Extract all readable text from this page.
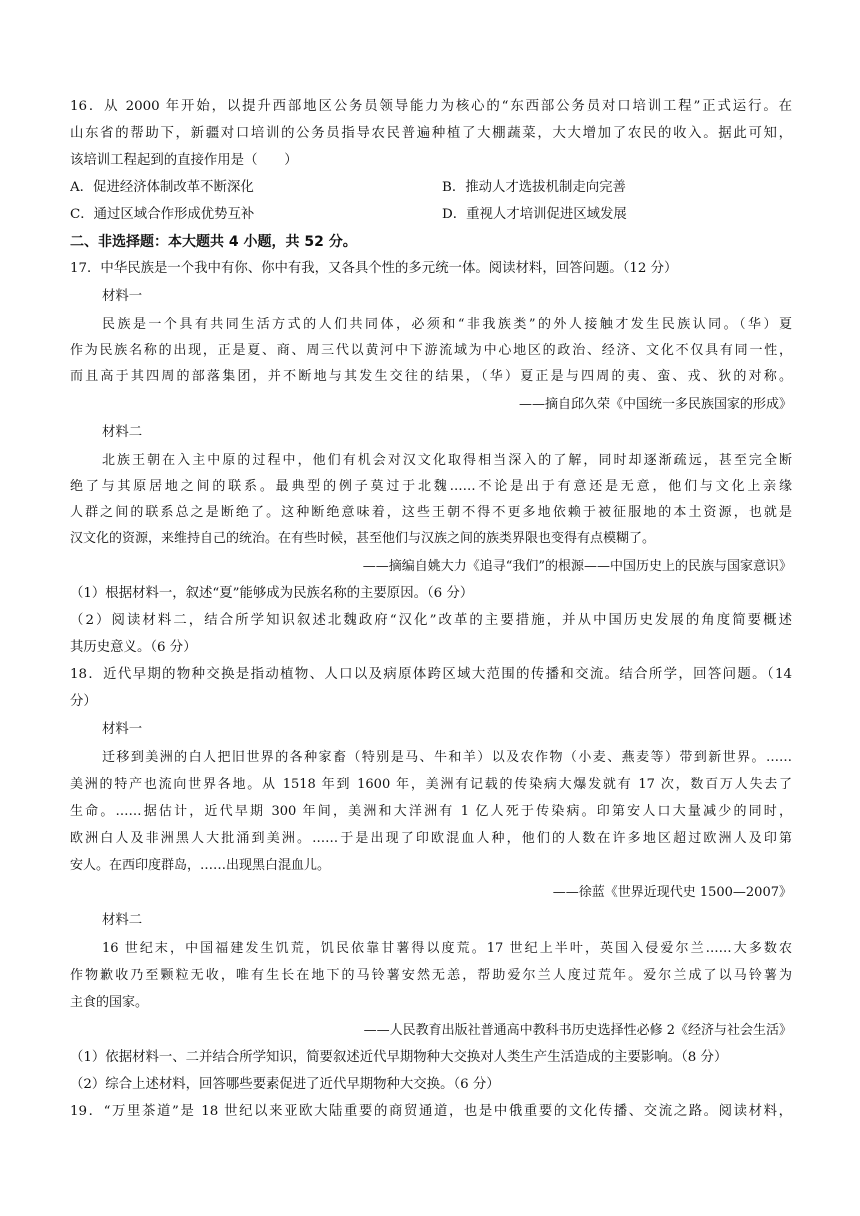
16．从 2000 年开始，以提升西部地区公务员领导能力为核心的“东西部公务员对口培训工程”正式运行。在
山东省的帮助下，新疆对口培训的公务员指导农民普遍种植了大棚蔬菜，大大增加了农民的收入。据此可知，
该培训工程起到的直接作用是（　　）
A．促进经济体制改革不断深化	B．推动人才选拔机制走向完善
C．通过区域合作形成优势互补	D．重视人才培训促进区域发展
二、非选择题：本大题共 4 小题，共 52 分。
17．中华民族是一个我中有你、你中有我，又各具个性的多元统一体。阅读材料，回答问题。（12 分）
材料一
民族是一个具有共同生活方式的人们共同体，必须和“非我族类”的外人接触才发生民族认同。（华）夏
作为民族名称的出现，正是夏、商、周三代以黄河中下游流域为中心地区的政治、经济、文化不仅具有同一性，
而且高于其四周的部落集团，并不断地与其发生交往的结果，（华）夏正是与四周的夷、蛮、戎、狄的对称。
——摘自邱久荣《中国统一多民族国家的形成》
材料二
北族王朝在入主中原的过程中，他们有机会对汉文化取得相当深入的了解，同时却逐渐疏远，甚至完全断
绝了与其原居地之间的联系。最典型的例子莫过于北魏……不论是出于有意还是无意，他们与文化上亲缘
人群之间的联系总之是断绝了。这种断绝意味着，这些王朝不得不更多地依赖于被征服地的本土资源，也就是
汉文化的资源，来维持自己的统治。在有些时候，甚至他们与汉族之间的族类界限也变得有点模糊了。
——摘编自姚大力《追寻“我们”的根源——中国历史上的民族与国家意识》
（1）根据材料一，叙述“夏”能够成为民族名称的主要原因。（6 分）
（2）阅读材料二，结合所学知识叙述北魏政府“汉化”改革的主要措施，并从中国历史发展的角度简要概述
其历史意义。（6 分）
18．近代早期的物种交换是指动植物、人口以及病原体跨区域大范围的传播和交流。结合所学，回答问题。（14
分）
材料一
迁移到美洲的白人把旧世界的各种家畜（特别是马、牛和羊）以及农作物（小麦、燕麦等）带到新世界。……
美洲的特产也流向世界各地。从 1518 年到 1600 年，美洲有记载的传染病大爆发就有 17 次，数百万人失去了
生命。……据估计，近代早期 300 年间，美洲和大洋洲有 1 亿人死于传染病。印第安人口大量减少的同时，
欧洲白人及非洲黑人大批涌到美洲。……于是出现了印欧混血人种，他们的人数在许多地区超过欧洲人及印第
安人。在西印度群岛，……出现黑白混血儿。
——徐蓝《世界近现代史 1500—2007》
材料二
16 世纪末，中国福建发生饥荒，饥民依靠甘薯得以度荒。17 世纪上半叶，英国入侵爱尔兰……大多数农
作物歉收乃至颗粒无收，唯有生长在地下的马铃薯安然无恙，帮助爱尔兰人度过荒年。爱尔兰成了以马铃薯为
主食的国家。
——人民教育出版社普通高中教科书历史选择性必修 2《经济与社会生活》
（1）依据材料一、二并结合所学知识，简要叙述近代早期物种大交换对人类生产生活造成的主要影响。（8 分）
（2）综合上述材料，回答哪些要素促进了近代早期物种大交换。（6 分）
19．“万里茶道”是 18 世纪以来亚欧大陆重要的商贸通道，也是中俄重要的文化传播、交流之路。阅读材料，
